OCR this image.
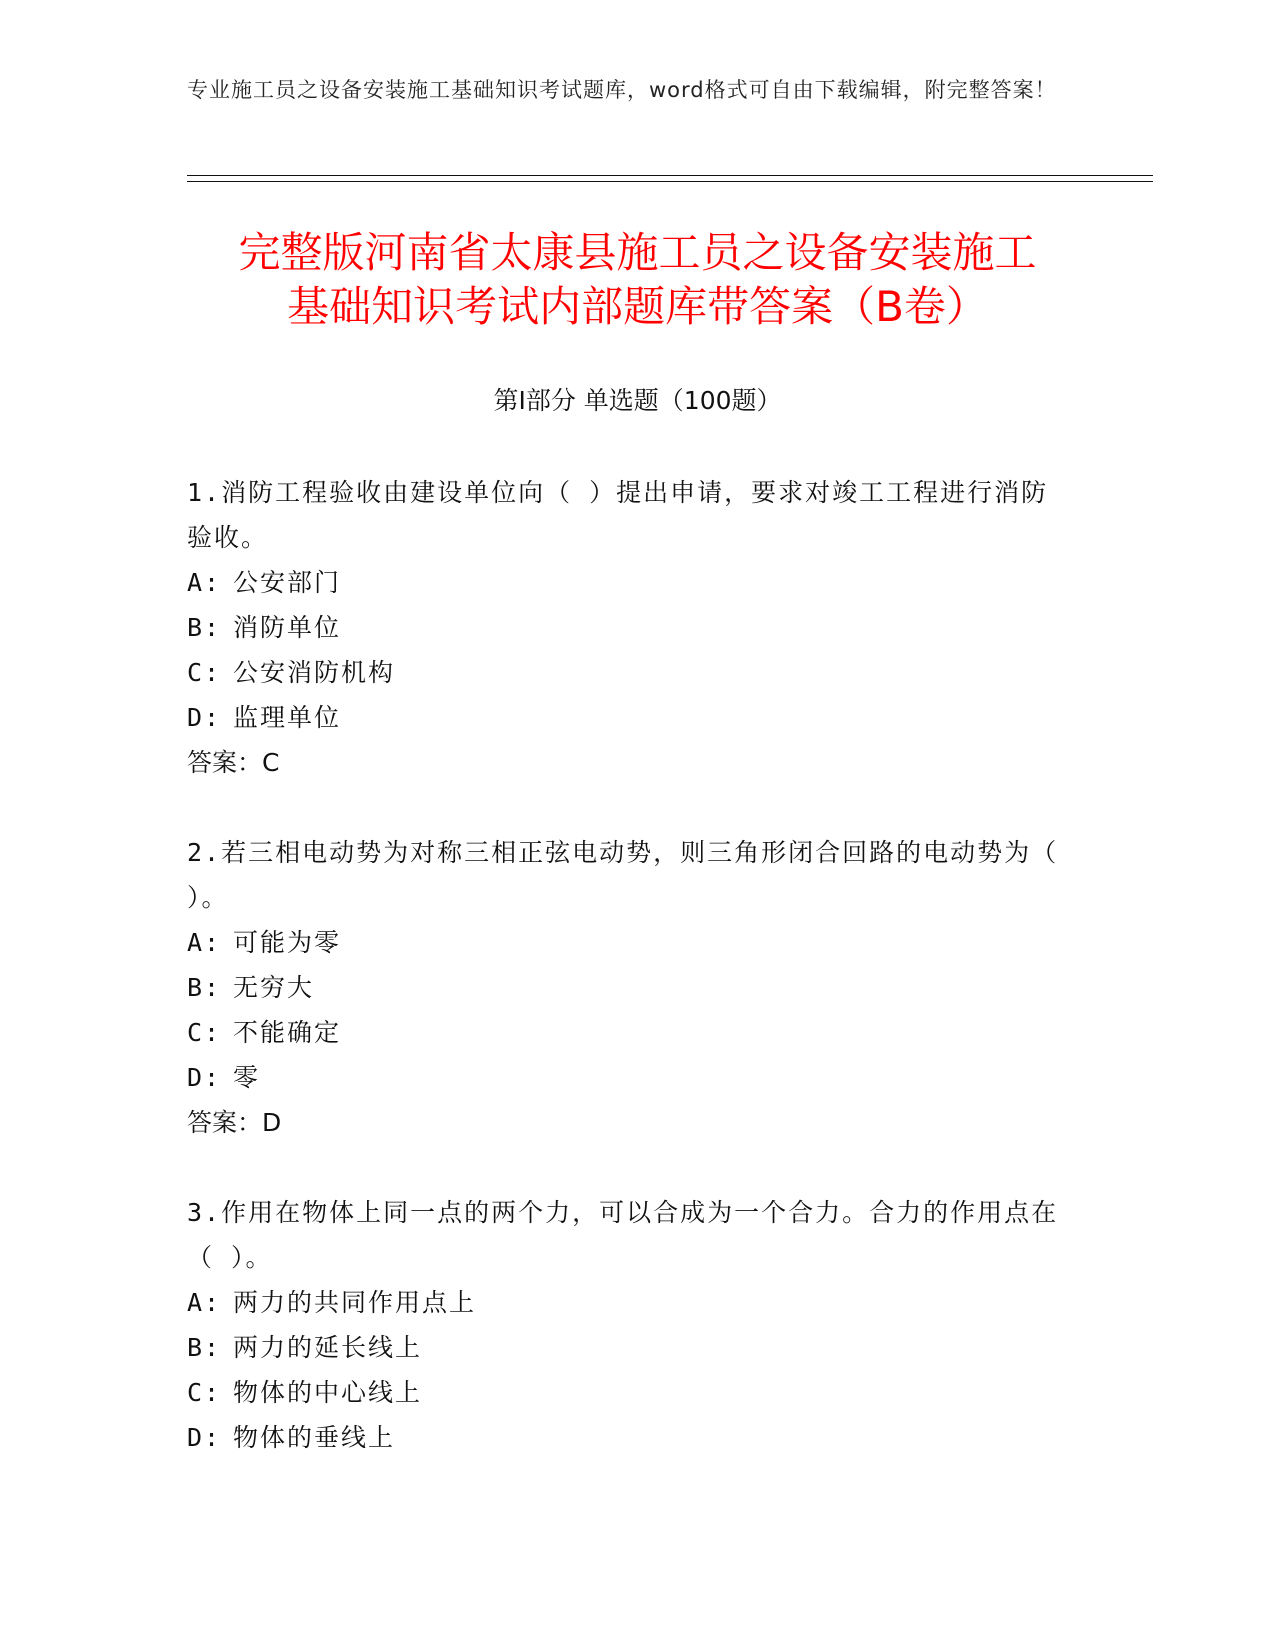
专业施工员之设备安装施工基础知识考试题库，word格式可自由下载编辑，附完整答案！
完整版河南省太康县施工员之设备安装施工
基础知识考试内部题库带答案（B卷）
第Ⅰ部分 单选题（100题）
1.消防工程验收由建设单位向（ ）提出申请，要求对竣工工程进行消防验收。
A: 公安部门
B: 消防单位
C: 公安消防机构
D: 监理单位
答案：C
2.若三相电动势为对称三相正弦电动势，则三角形闭合回路的电动势为（ ）。
A: 可能为零
B: 无穷大
C: 不能确定
D: 零
答案：D
3.作用在物体上同一点的两个力，可以合成为一个合力。合力的作用点在（ ）。
A: 两力的共同作用点上
B: 两力的延长线上
C: 物体的中心线上
D: 物体的垂线上
